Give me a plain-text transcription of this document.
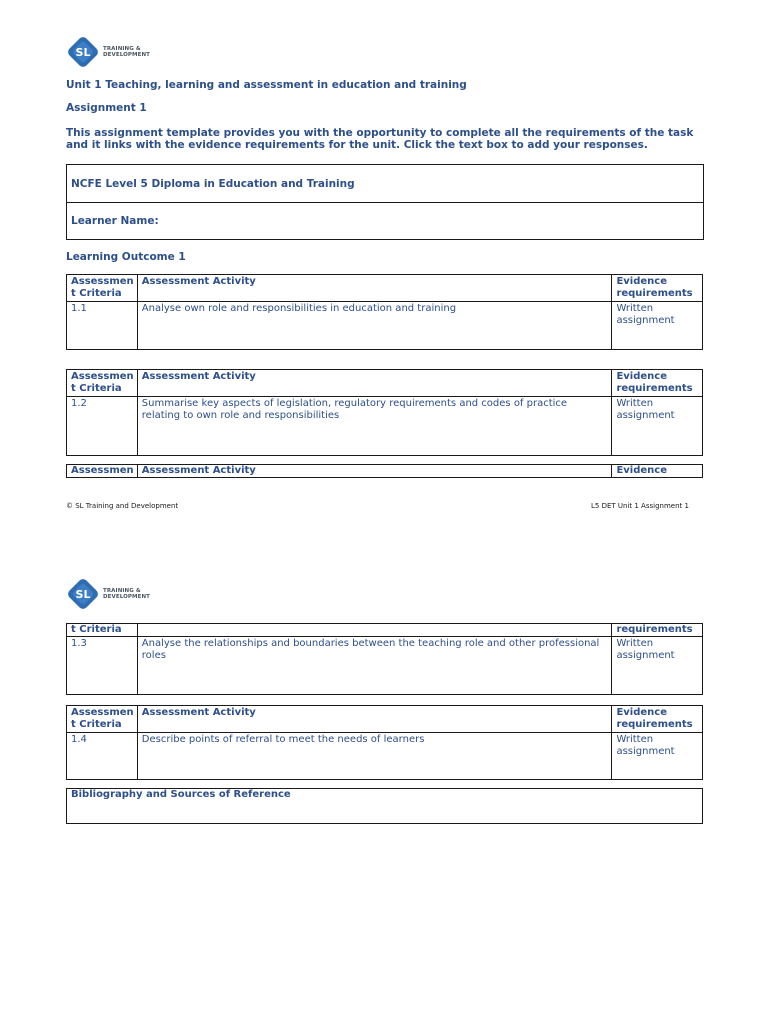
SL TRAINING &
DEVELOPMENT
Unit 1 Teaching, learning and assessment in education and training
Assignment 1
This assignment template provides you with the opportunity to complete all the requirements of the task and it links with the evidence requirements for the unit. Click the text box to add your responses.
NCFE Level 5 Diploma in Education and Training
Learner Name:
Learning Outcome 1
Assessmen t Criteria	Assessment Activity	Evidence requirements
1.1	Analyse own role and responsibilities in education and training	Written assignment
Assessmen t Criteria	Assessment Activity	Evidence requirements
1.2	Summarise key aspects of legislation, regulatory requirements and codes of practice relating to own role and responsibilities	Written assignment
Assessmen	Assessment Activity	Evidence
© SL Training and Development	L5 DET Unit 1 Assignment 1
SL TRAINING &
DEVELOPMENT
t Criteria		requirements
1.3	Analyse the relationships and boundaries between the teaching role and other professional roles	Written assignment
Assessmen t Criteria	Assessment Activity	Evidence requirements
1.4	Describe points of referral to meet the needs of learners	Written assignment
Bibliography and Sources of Reference
